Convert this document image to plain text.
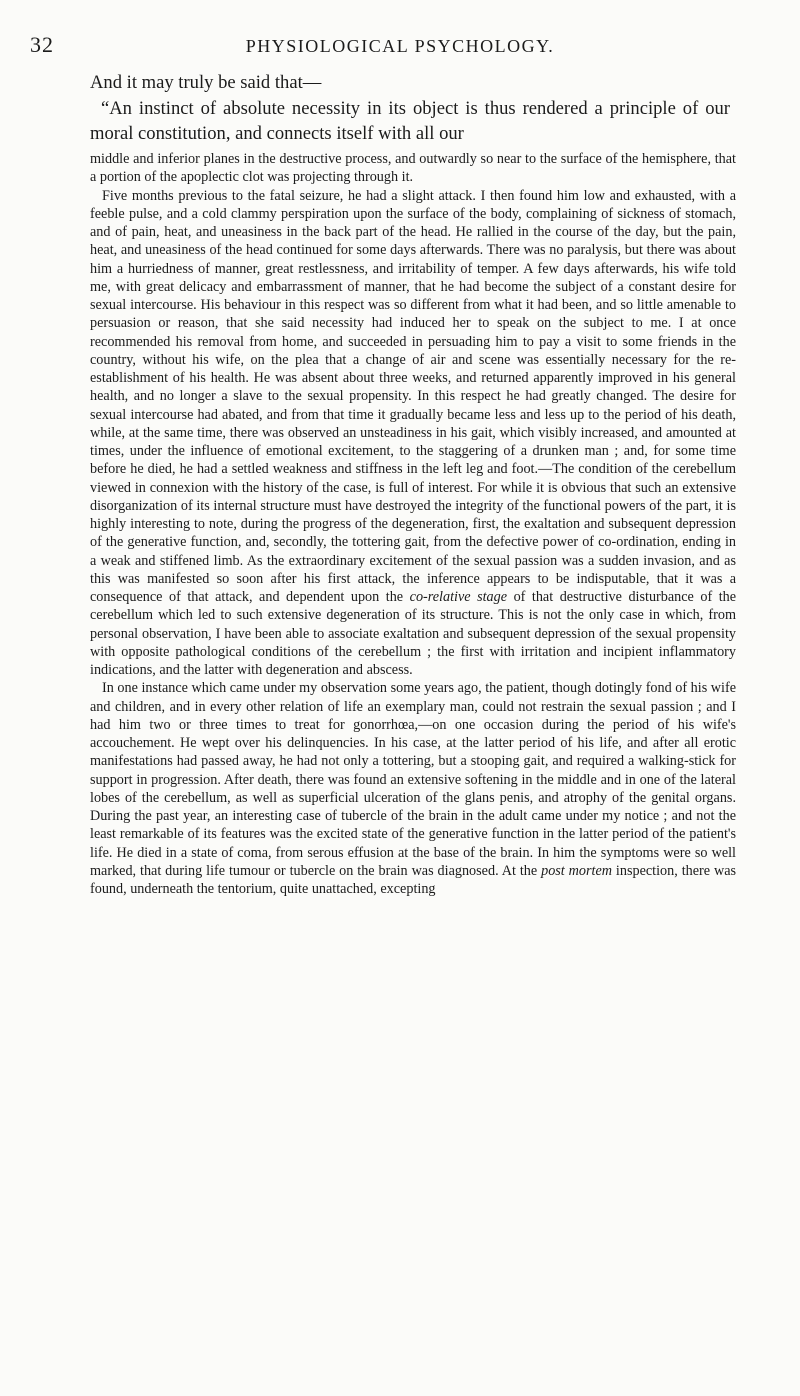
32	PHYSIOLOGICAL PSYCHOLOGY.
And it may truly be said that—

“An instinct of absolute necessity in its object is thus rendered a principle of our moral constitution, and connects itself with all our

middle and inferior planes in the destructive process, and outwardly so near to the surface of the hemisphere, that a portion of the apoplectic clot was projecting through it.

Five months previous to the fatal seizure, he had a slight attack. I then found him low and exhausted, with a feeble pulse, and a cold clammy perspiration upon the surface of the body, complaining of sickness of stomach, and of pain, heat, and uneasiness in the back part of the head. He rallied in the course of the day, but the pain, heat, and uneasiness of the head continued for some days afterwards. There was no paralysis, but there was about him a hurriedness of manner, great restlessness, and irritability of temper. A few days afterwards, his wife told me, with great delicacy and embarrassment of manner, that he had become the subject of a constant desire for sexual intercourse. His behaviour in this respect was so different from what it had been, and so little amenable to persuasion or reason, that she said necessity had induced her to speak on the subject to me. I at once recommended his removal from home, and succeeded in persuading him to pay a visit to some friends in the country, without his wife, on the plea that a change of air and scene was essentially necessary for the re-establishment of his health. He was absent about three weeks, and returned apparently improved in his general health, and no longer a slave to the sexual propensity. In this respect he had greatly changed. The desire for sexual intercourse had abated, and from that time it gradually became less and less up to the period of his death, while, at the same time, there was observed an unsteadiness in his gait, which visibly increased, and amounted at times, under the influence of emotional excitement, to the staggering of a drunken man ; and, for some time before he died, he had a settled weakness and stiffness in the left leg and foot.—The condition of the cerebellum viewed in connexion with the history of the case, is full of interest. For while it is obvious that such an extensive disorganization of its internal structure must have destroyed the integrity of the functional powers of the part, it is highly interesting to note, during the progress of the degeneration, first, the exaltation and subsequent depression of the generative function, and, secondly, the tottering gait, from the defective power of co-ordination, ending in a weak and stiffened limb. As the extraordinary excitement of the sexual passion was a sudden invasion, and as this was manifested so soon after his first attack, the inference appears to be indisputable, that it was a consequence of that attack, and dependent upon the co-relative stage of that destructive disturbance of the cerebellum which led to such extensive degeneration of its structure. This is not the only case in which, from personal observation, I have been able to associate exaltation and subsequent depression of the sexual propensity with opposite pathological conditions of the cerebellum ; the first with irritation and incipient inflammatory indications, and the latter with degeneration and abscess.

In one instance which came under my observation some years ago, the patient, though dotingly fond of his wife and children, and in every other relation of life an exemplary man, could not restrain the sexual passion ; and I had him two or three times to treat for gonorrhœa,—on one occasion during the period of his wife's accouchement. He wept over his delinquencies. In his case, at the latter period of his life, and after all erotic manifestations had passed away, he had not only a tottering, but a stooping gait, and required a walking-stick for support in progression. After death, there was found an extensive softening in the middle and in one of the lateral lobes of the cerebellum, as well as superficial ulceration of the glans penis, and atrophy of the genital organs. During the past year, an interesting case of tubercle of the brain in the adult came under my notice ; and not the least remarkable of its features was the excited state of the generative function in the latter period of the patient's life. He died in a state of coma, from serous effusion at the base of the brain. In him the symptoms were so well marked, that during life tumour or tubercle on the brain was diagnosed. At the post mortem inspection, there was found, underneath the tentorium, quite unattached, excepting
